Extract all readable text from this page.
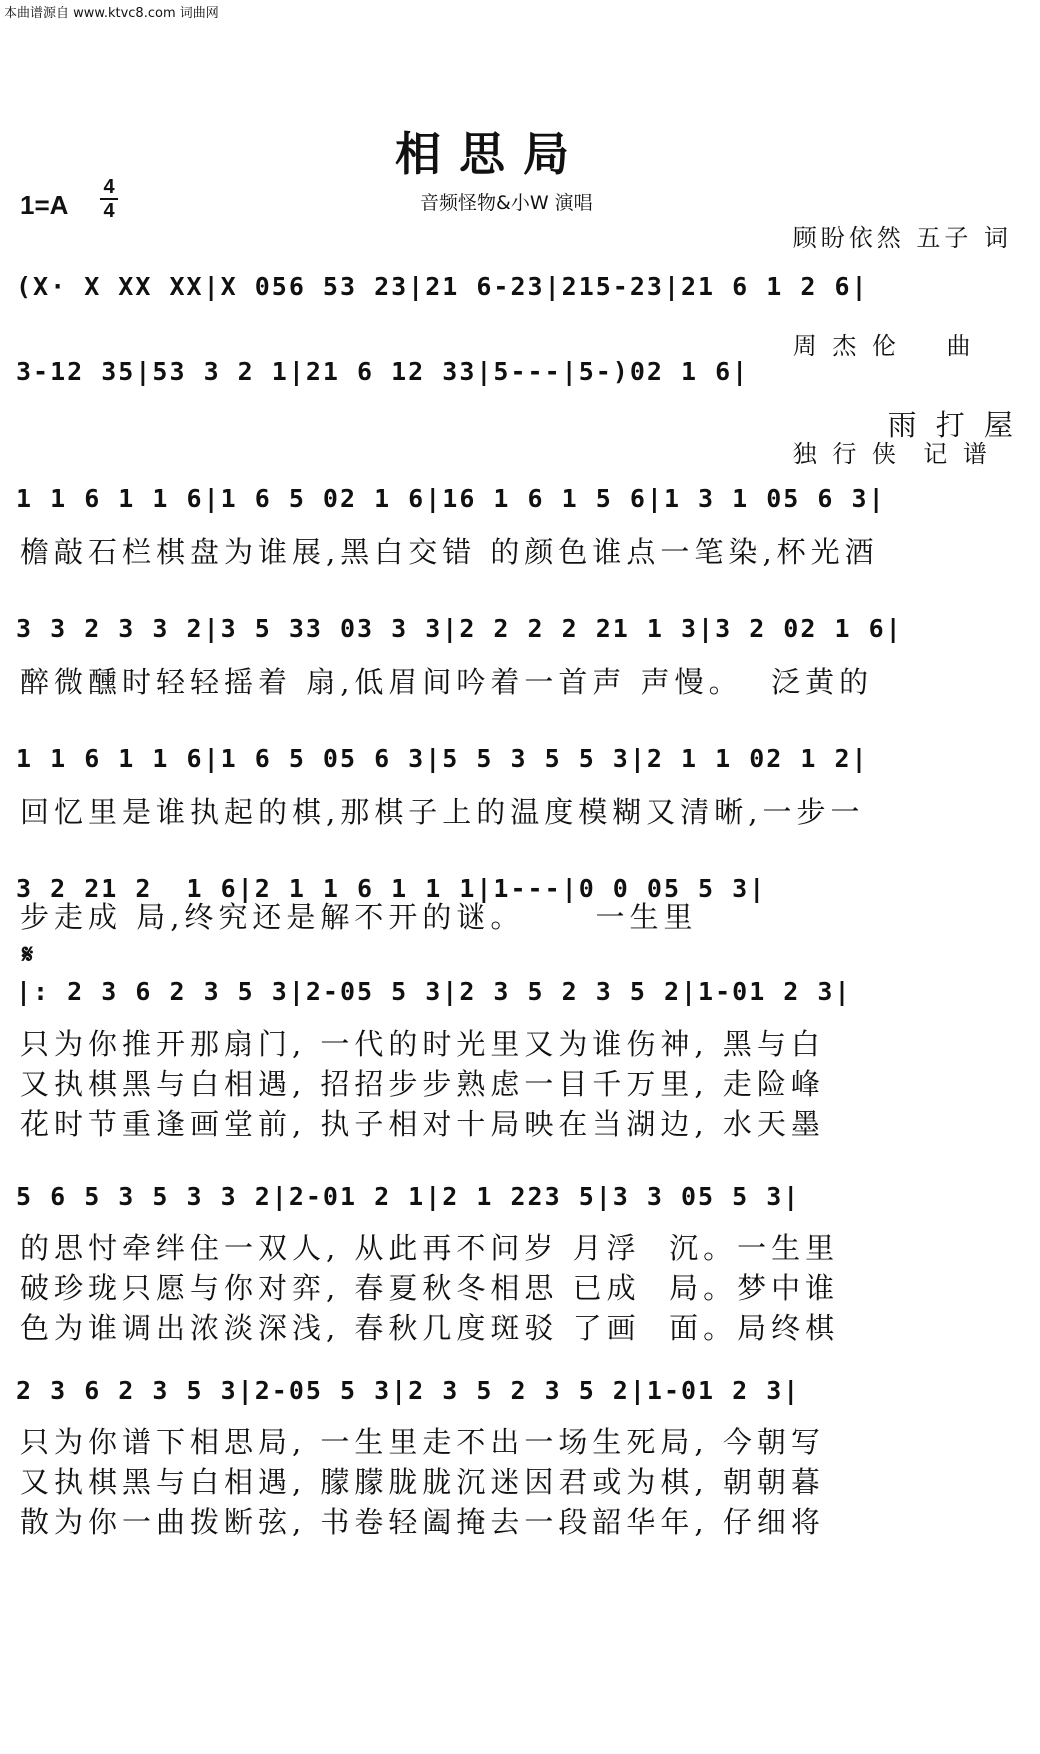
本曲谱源自 www.ktvc8.com 词曲网
相思局
音频怪物&小W 演唱
1=A
4
4

顾盼依然 五子 词

周 杰 伦    曲

独 行 侠  记 谱

(X· X XX XX|X 056 53 23|21 6-23|215-23|21 6 1 2 6|
3-12 35|53 3 2 1|21 6 12 33|5---|5-)02 1 6|
雨 打 屋
1 1 6 1 1 6|1 6 5 02 1 6|16 1 6 1 5 6|1 3 1 05 6 3|
檐敲石栏棋盘为谁展,黑白交错 的颜色谁点一笔染,杯光酒
3 3 2 3 3 2|3 5 33 03 3 3|2 2 2 2 21 1 3|3 2 02 1 6|
醉微醺时轻轻摇着 扇,低眉间吟着一首声 声慢。  泛黄的
1 1 6 1 1 6|1 6 5 05 6 3|5 5 3 5 5 3|2 1 1 02 1 2|
回忆里是谁执起的棋,那棋子上的温度模糊又清晰,一步一
3 2 21 2  1 6|2 1 1 6 1 1 1|1---|0 0 05 5 3|
步走成 局,终究还是解不开的谜。     一生里
𝄋
|: 2 3 6 2 3 5 3|2-05 5 3|2 3 5 2 3 5 2|1-01 2 3|
只为你推开那扇门, 一代的时光里又为谁伤神, 黑与白
又执棋黑与白相遇, 招招步步熟虑一目千万里, 走险峰
花时节重逢画堂前, 执子相对十局映在当湖边, 水天墨
5 6 5 3 5 3 3 2|2-01 2 1|2 1 223 5|3 3 05 5 3|
的思忖牵绊住一双人, 从此再不问岁 月浮  沉。一生里
破珍珑只愿与你对弈, 春夏秋冬相思 已成  局。梦中谁
色为谁调出浓淡深浅, 春秋几度斑驳 了画  面。局终棋
2 3 6 2 3 5 3|2-05 5 3|2 3 5 2 3 5 2|1-01 2 3|
只为你谱下相思局, 一生里走不出一场生死局, 今朝写
又执棋黑与白相遇, 朦朦胧胧沉迷因君或为棋, 朝朝暮
散为你一曲拨断弦, 书卷轻阖掩去一段韶华年, 仔细将
